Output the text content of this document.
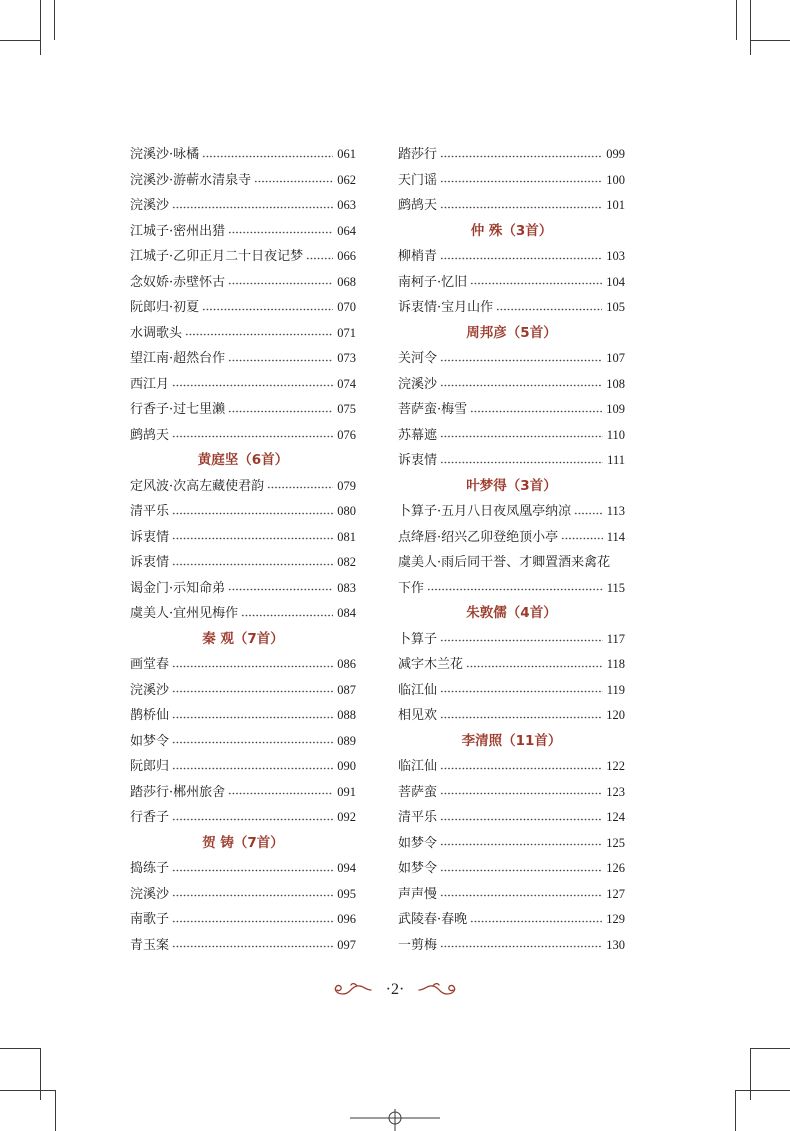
浣溪沙·咏橘	061
浣溪沙·游蕲水清泉寺	062
浣溪沙	063
江城子·密州出猎	064
江城子·乙卯正月二十日夜记梦	066
念奴娇·赤壁怀古	068
阮郎归·初夏	070
水调歌头	071
望江南·超然台作	073
西江月	074
行香子·过七里濑	075
鹧鸪天	076
黄庭坚（6首）
定风波·次高左藏使君韵	079
清平乐	080
诉衷情	081
诉衷情	082
谒金门·示知命弟	083
虞美人·宜州见梅作	084
秦 观（7首）
画堂春	086
浣溪沙	087
鹊桥仙	088
如梦令	089
阮郎归	090
踏莎行·郴州旅舍	091
行香子	092
贺 铸（7首）
捣练子	094
浣溪沙	095
南歌子	096
青玉案	097
踏莎行	099
天门谣	100
鹧鸪天	101
仲 殊（3首）
柳梢青	103
南柯子·忆旧	104
诉衷情·宝月山作	105
周邦彦（5首）
关河令	107
浣溪沙	108
菩萨蛮·梅雪	109
苏幕遮	110
诉衷情	111
叶梦得（3首）
卜算子·五月八日夜凤凰亭纳凉	113
点绛唇·绍兴乙卯登绝顶小亭	114
虞美人·雨后同干誉、才卿置酒来禽花
下作	115
朱敦儒（4首）
卜算子	117
减字木兰花	118
临江仙	119
相见欢	120
李清照（11首）
临江仙	122
菩萨蛮	123
清平乐	124
如梦令	125
如梦令	126
声声慢	127
武陵春·春晚	129
一剪梅	130
·2·
